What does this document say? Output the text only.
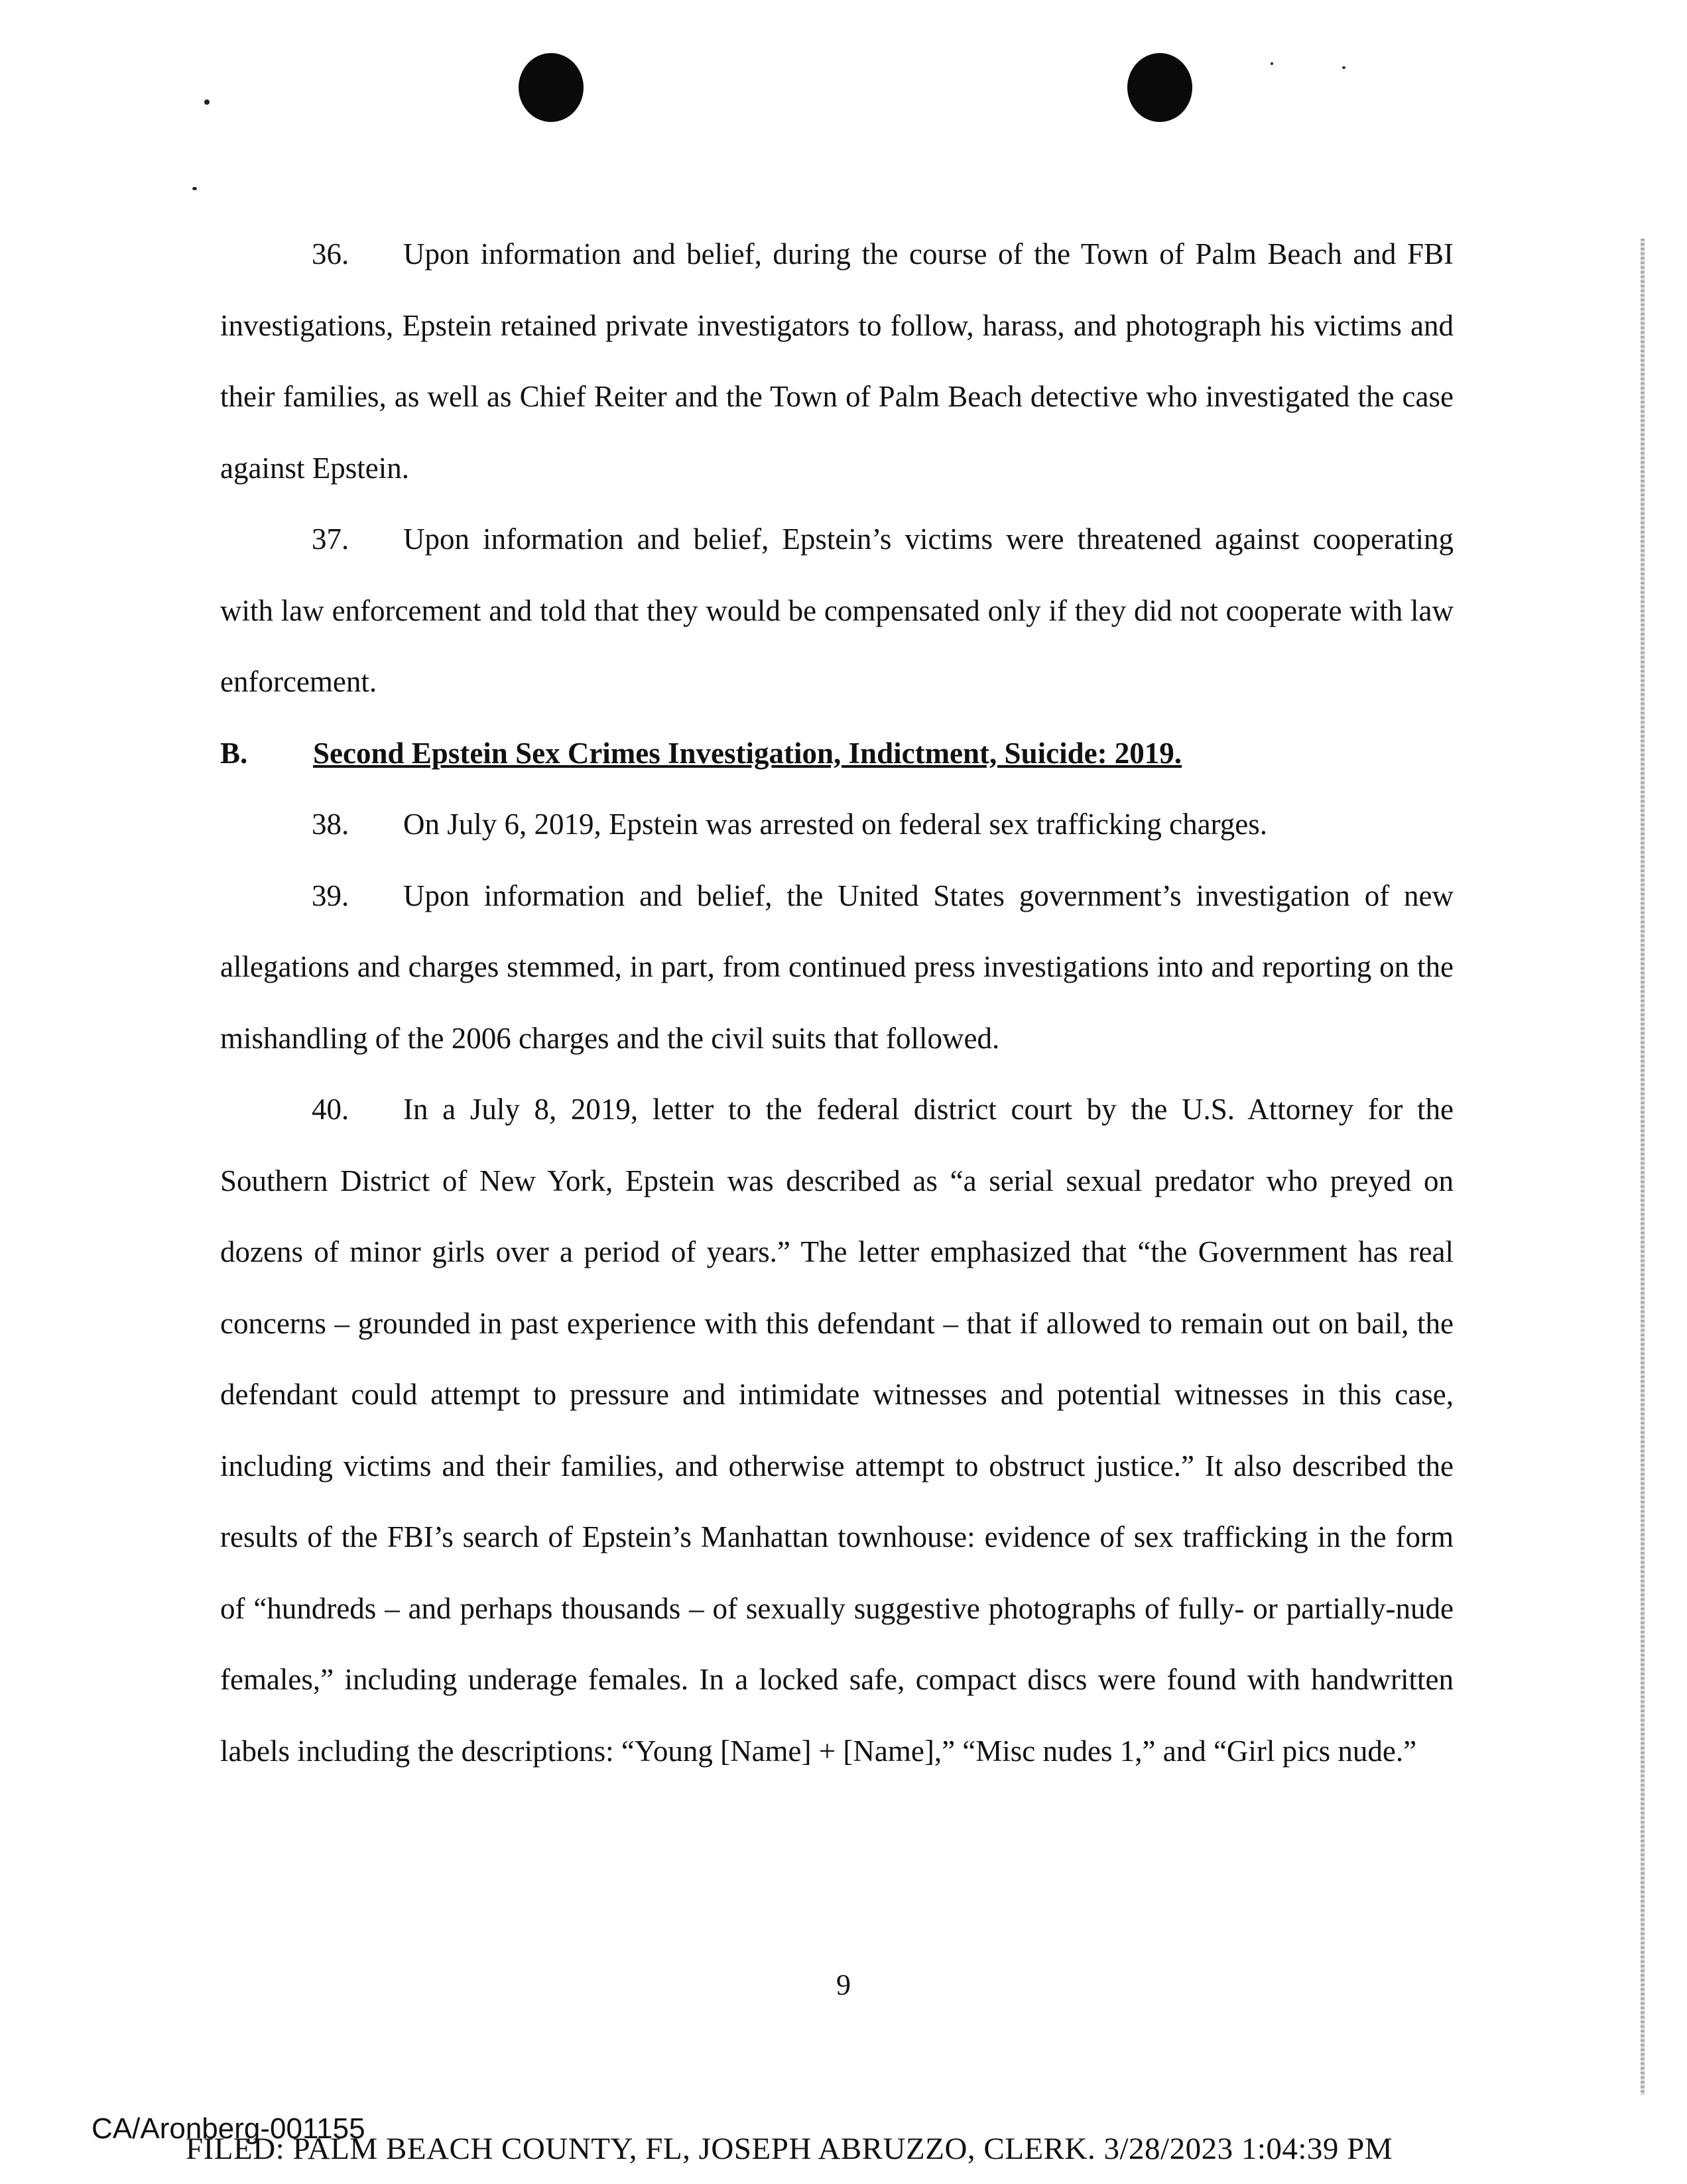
36. Upon information and belief, during the course of the Town of Palm Beach and FBI investigations, Epstein retained private investigators to follow, harass, and photograph his victims and their families, as well as Chief Reiter and the Town of Palm Beach detective who investigated the case against Epstein.

37. Upon information and belief, Epstein’s victims were threatened against cooperating with law enforcement and told that they would be compensated only if they did not cooperate with law enforcement.

B.	Second Epstein Sex Crimes Investigation, Indictment, Suicide: 2019.

38. On July 6, 2019, Epstein was arrested on federal sex trafficking charges.

39. Upon information and belief, the United States government’s investigation of new allegations and charges stemmed, in part, from continued press investigations into and reporting on the mishandling of the 2006 charges and the civil suits that followed.

40. In a July 8, 2019, letter to the federal district court by the U.S. Attorney for the Southern District of New York, Epstein was described as “a serial sexual predator who preyed on dozens of minor girls over a period of years.” The letter emphasized that “the Government has real concerns – grounded in past experience with this defendant – that if allowed to remain out on bail, the defendant could attempt to pressure and intimidate witnesses and potential witnesses in this case, including victims and their families, and otherwise attempt to obstruct justice.” It also described the results of the FBI’s search of Epstein’s Manhattan townhouse: evidence of sex trafficking in the form of “hundreds – and perhaps thousands – of sexually suggestive photographs of fully- or partially-nude females,” including underage females. In a locked safe, compact discs were found with handwritten labels including the descriptions: “Young [Name] + [Name],” “Misc nudes 1,” and “Girl pics nude.”

9
CA/Aronberg-001155
FILED: PALM BEACH COUNTY, FL, JOSEPH ABRUZZO, CLERK. 3/28/2023 1:04:39 PM
